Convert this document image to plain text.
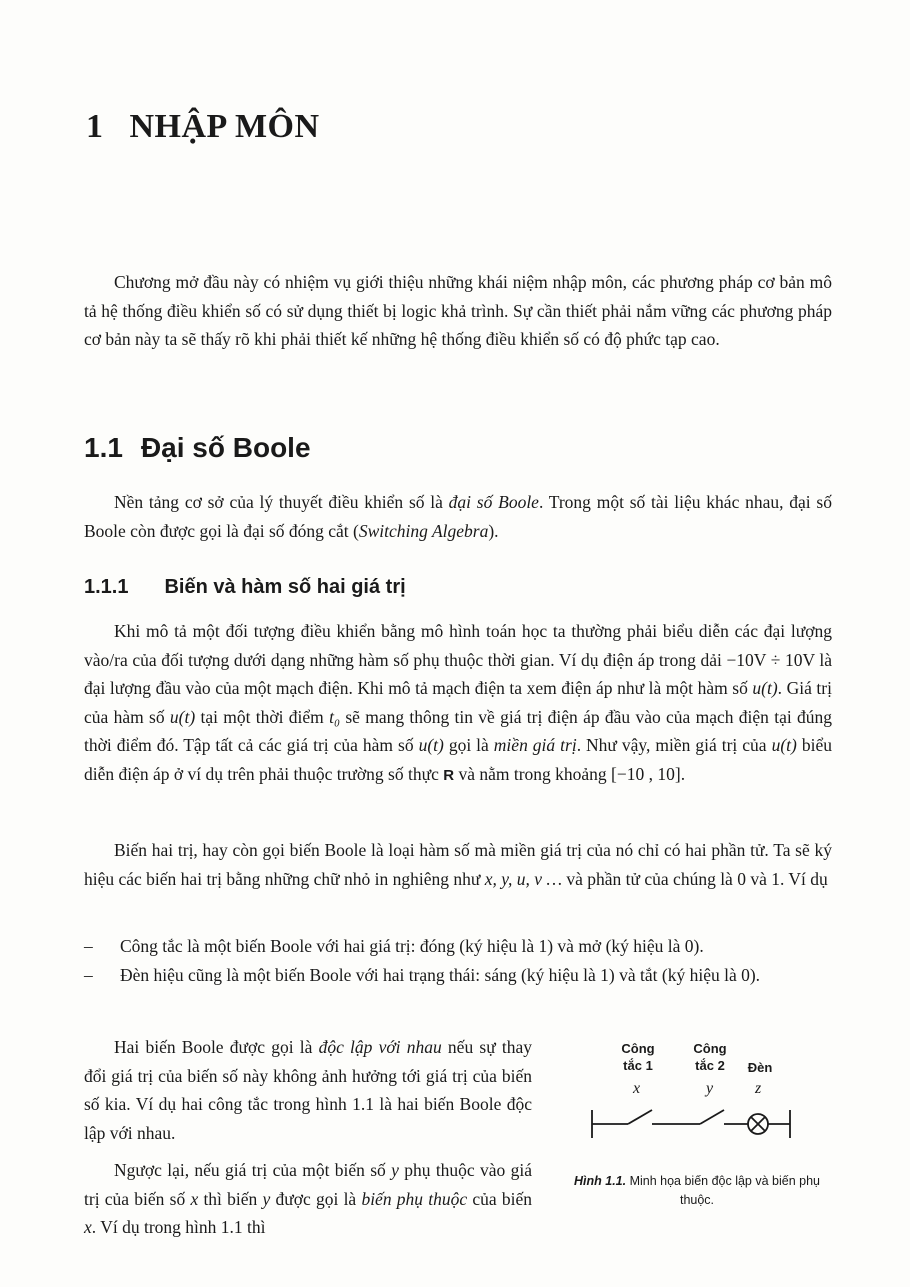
1 NHẬP MÔN

Chương mở đầu này có nhiệm vụ giới thiệu những khái niệm nhập môn, các phương pháp cơ bản mô tả hệ thống điều khiển số có sử dụng thiết bị logic khả trình. Sự cần thiết phải nắm vững các phương pháp cơ bản này ta sẽ thấy rõ khi phải thiết kế những hệ thống điều khiển số có độ phức tạp cao.

1.1 Đại số Boole

Nền tảng cơ sở của lý thuyết điều khiển số là đại số Boole. Trong một số tài liệu khác nhau, đại số Boole còn được gọi là đại số đóng cắt (Switching Algebra).

1.1.1 Biến và hàm số hai giá trị

Khi mô tả một đối tượng điều khiển bằng mô hình toán học ta thường phải biểu diễn các đại lượng vào/ra của đối tượng dưới dạng những hàm số phụ thuộc thời gian. Ví dụ điện áp trong dải −10V ÷ 10V là đại lượng đầu vào của một mạch điện. Khi mô tả mạch điện ta xem điện áp như là một hàm số u(t). Giá trị của hàm số u(t) tại một thời điểm t₀ sẽ mang thông tin về giá trị điện áp đầu vào của mạch điện tại đúng thời điểm đó. Tập tất cả các giá trị của hàm số u(t) gọi là miền giá trị. Như vậy, miền giá trị của u(t) biểu diễn điện áp ở ví dụ trên phải thuộc trường số thực R và nằm trong khoảng [−10 , 10].

Biến hai trị, hay còn gọi biến Boole là loại hàm số mà miền giá trị của nó chỉ có hai phần tử. Ta sẽ ký hiệu các biến hai trị bằng những chữ nhỏ in nghiêng như x, y, u, v … và phần tử của chúng là 0 và 1. Ví dụ

– Công tắc là một biến Boole với hai giá trị: đóng (ký hiệu là 1) và mở (ký hiệu là 0).
– Đèn hiệu cũng là một biến Boole với hai trạng thái: sáng (ký hiệu là 1) và tắt (ký hiệu là 0).

Hai biến Boole được gọi là độc lập với nhau nếu sự thay đổi giá trị của biến số này không ảnh hưởng tới giá trị của biến số kia. Ví dụ hai công tắc trong hình 1.1 là hai biến Boole độc lập với nhau.

Ngược lại, nếu giá trị của một biến số y phụ thuộc vào giá trị của biến số x thì biến y được gọi là biến phụ thuộc của biến x. Ví dụ trong hình 1.1 thì

Công
tắc 1
Công
tắc 2	Đèn
x	y	z
Hình 1.1. Minh họa biến độc lập và biến phụ thuộc.
